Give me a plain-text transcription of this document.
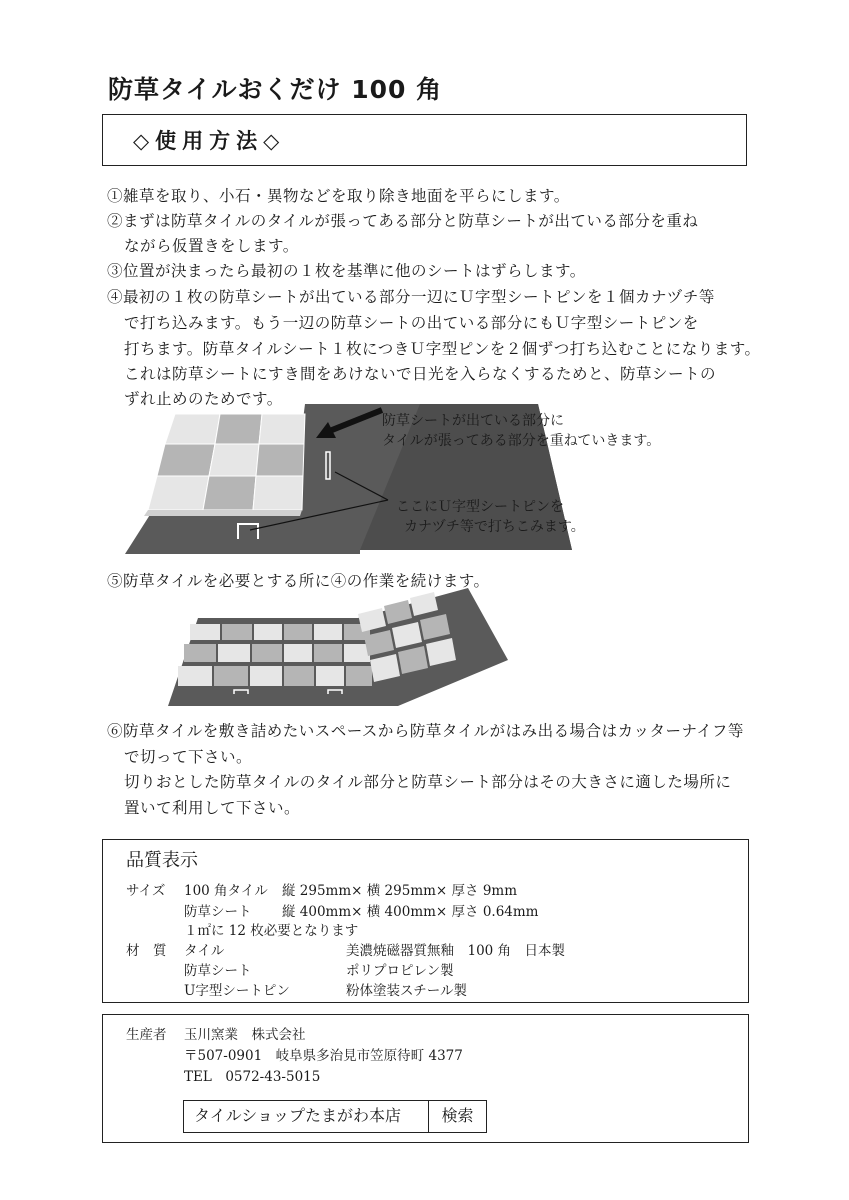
防草タイルおくだけ 100 角
◇使用方法◇
①雑草を取り、小石・異物などを取り除き地面を平らにします。
②まずは防草タイルのタイルが張ってある部分と防草シートが出ている部分を重ね
ながら仮置きをします。
③位置が決まったら最初の１枚を基準に他のシートはずらします。
④最初の１枚の防草シートが出ている部分一辺にＵ字型シートピンを１個カナヅチ等
で打ち込みます。もう一辺の防草シートの出ている部分にもＵ字型シートピンを
打ちます。防草タイルシート１枚につきＵ字型ピンを２個ずつ打ち込むことになります。
これは防草シートにすき間をあけないで日光を入らなくするためと、防草シートの
ずれ止めのためです。
防草シートが出ている部分に
タイルが張ってある部分を重ねていきます。
ここにＵ字型シートピンを
カナヅチ等で打ちこみます。
⑤防草タイルを必要とする所に④の作業を続けます。
⑥防草タイルを敷き詰めたいスペースから防草タイルがはみ出る場合はカッターナイフ等
で切って下さい。
切りおとした防草タイルのタイル部分と防草シート部分はその大きさに適した場所に
置いて利用して下さい。
品質表示
サイズ 100 角タイル 縦 295mm× 横 295mm× 厚さ 9mm
防草シート 縦 400mm× 横 400mm× 厚さ 0.64mm
１㎡に 12 枚必要となります
材　質 タイル	美濃焼磁器質無釉　100 角　日本製
防草シート	ポリプロピレン製
U字型シートピン	粉体塗装スチール製
生産者 玉川窯業　株式会社
〒507-0901　岐阜県多治見市笠原待町 4377
TEL　0572-43-5015
タイルショップたまがわ本店	検索
